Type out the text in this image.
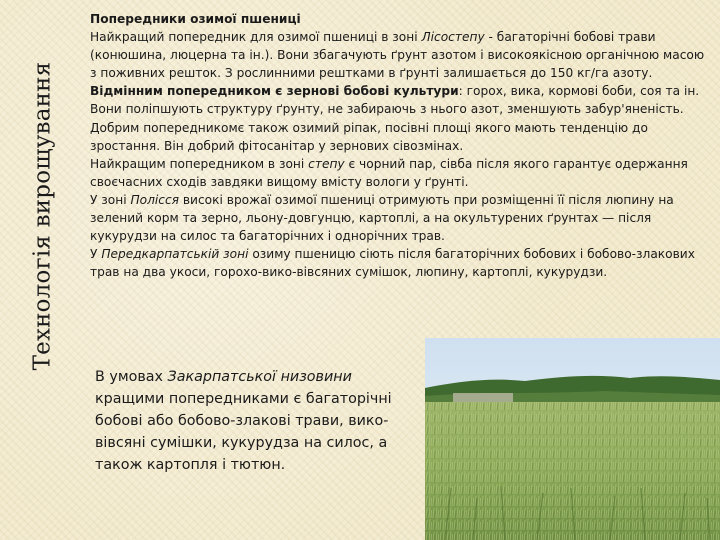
Технологія вирощування

Попередники озимої пшениці

Найкращий попередник для озимої пшениці в зоні Лісостепу - багаторічні бобові трави (конюшина, люцерна та ін.). Вони збагачують ґрунт азотом і високоякісною органічною масою з поживних решток. З рослинними рештками в ґрунті залишається до 150 кг/га азоту.

Відмінним попередником є зернові бобові культури: горох, вика, кормові боби, соя та ін. Вони поліпшують структуру ґрунту, не забираючь з нього азот, зменшують забур'яненість.

Добрим попередникомє також озимий ріпак, посівні площі якого мають тенденцію до зростання. Він добрий фітосанітар у зернових сівозмінах.

Найкращим попередником в зоні степу є чорний пар, сівба після якого гарантує одержання своєчасних сходів завдяки вищому вмісту вологи у ґрунті.

У зоні Полісся високі врожаї озимої пшениці отримують при розміщенні її після люпину на зелений корм та зерно, льону-довгунцю, картоплі, а на окультурених ґрунтах — після кукурудзи на силос та багаторічних і однорічних трав.

У Передкарпатській зоні озиму пшеницю сіють після багаторічних бобових і бобово-злакових трав на два укоси, горохо-вико-вівсяних сумішок, люпину, картоплі, кукурудзи.

В умовах Закарпатської низовини кращими попередниками є багаторічні бобові або бобово-злакові трави, вико-вівсяні сумішки, кукурудза на силос, а також картопля і тютюн.
